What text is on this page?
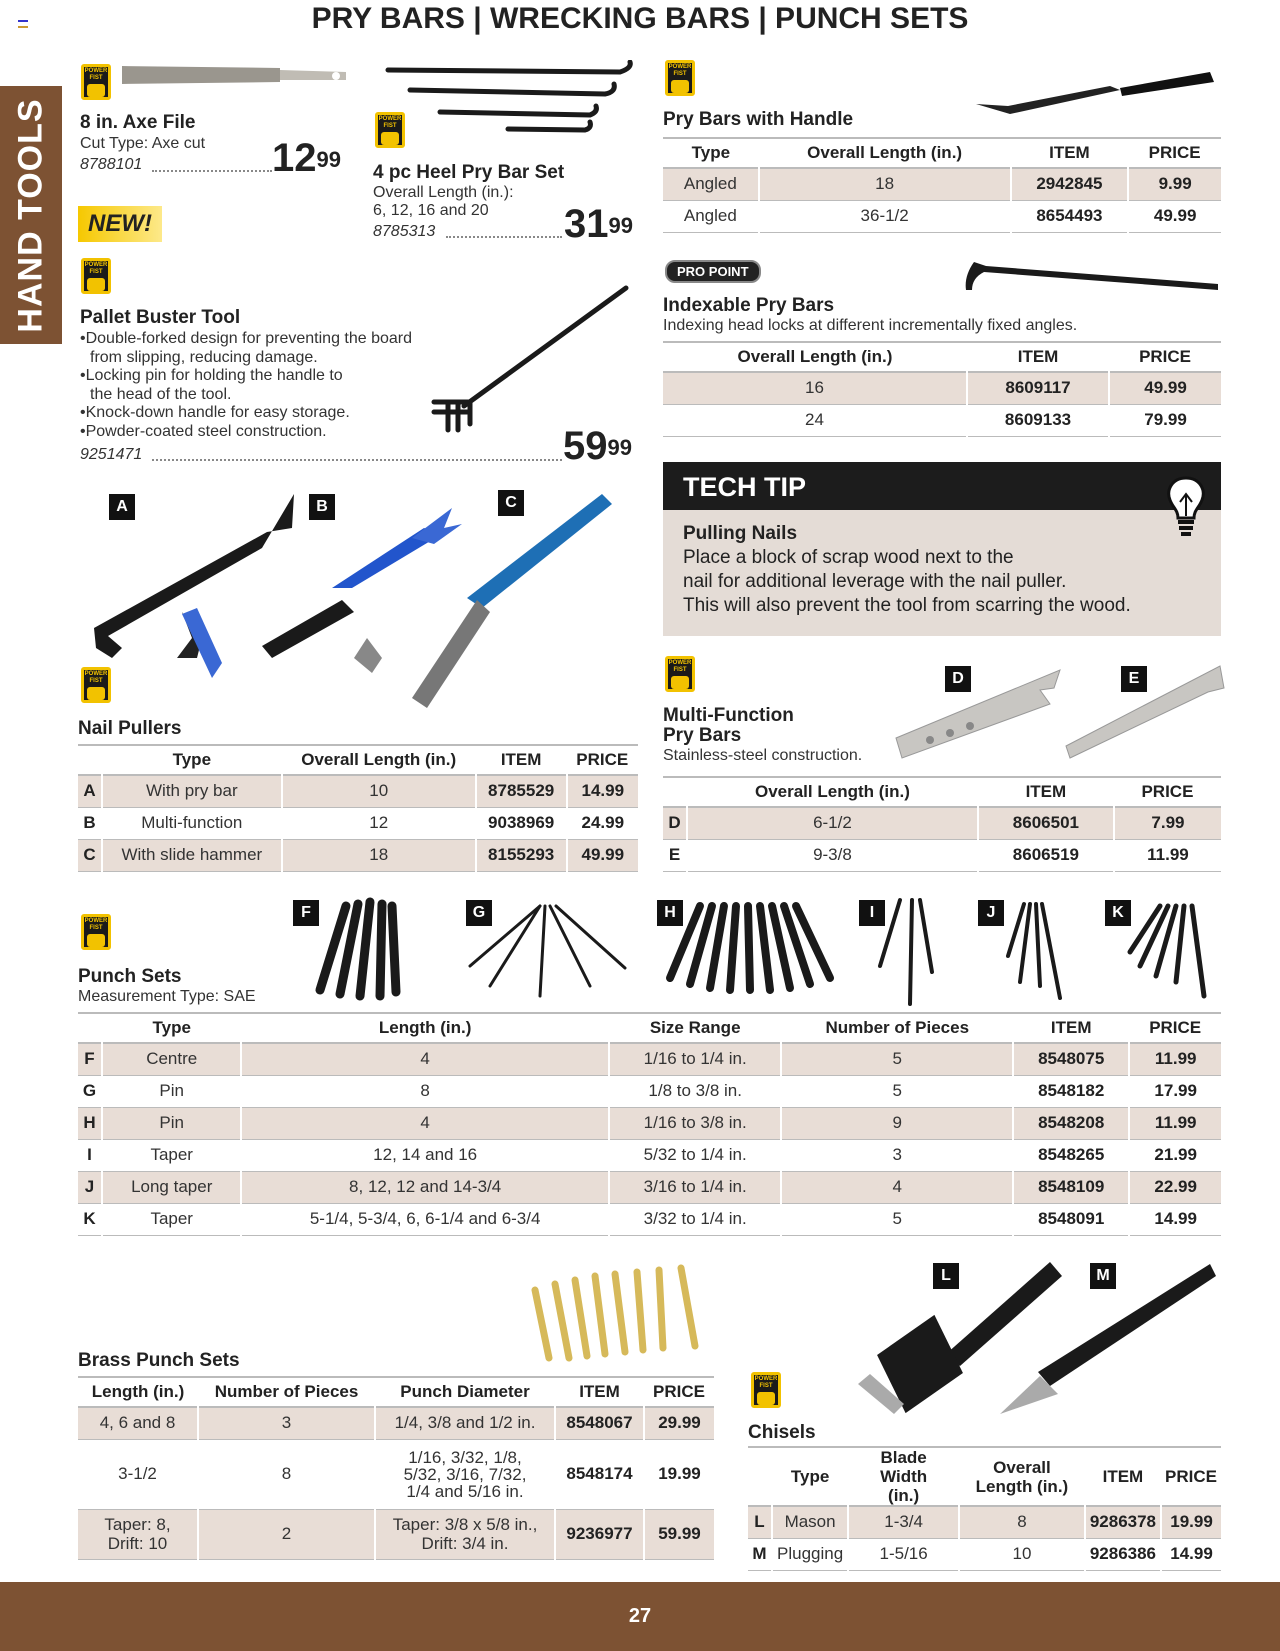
PRY BARS | WRECKING BARS | PUNCH SETS
HAND TOOLS
POWER FIST
8 in. Axe File
Cut Type: Axe cut
8788101	$12^{99}$
NEW!
POWER FIST
4 pc Heel Pry Bar Set
Overall Length (in.):
6, 12, 16 and 20
8785313	$31^{99}$
POWER FIST
Pallet Buster Tool
•Double-forked design for preventing the board
from slipping, reducing damage.
•Locking pin for holding the handle to
the head of the tool.
•Knock-down handle for easy storage.
•Powder-coated steel construction.
9251471	$59^{99}$
A	B	C
POWER FIST
Nail Pullers
	Type	Overall Length (in.)	ITEM	PRICE
A	With pry bar	10	8785529	14.99
B	Multi-function	12	9038969	24.99
C	With slide hammer	18	8155293	49.99
POWER FIST
Pry Bars with Handle
Type	Overall Length (in.)	ITEM	PRICE
Angled	18	2942845	9.99
Angled	36-1/2	8654493	49.99
PRO POINT
Indexable Pry Bars
Indexing head locks at different incrementally fixed angles.
Overall Length (in.)	ITEM	PRICE
16	8609117	49.99
24	8609133	79.99
TECH TIP
Pulling Nails
Place a block of scrap wood next to the
nail for additional leverage with the nail puller.
This will also prevent the tool from scarring the wood.
POWER FIST
Multi-Function
Pry Bars
Stainless-steel construction.
D	E
	Overall Length (in.)	ITEM	PRICE
D	6-1/2	8606501	7.99
E	9-3/8	8606519	11.99
POWER FIST
Punch Sets
Measurement Type: SAE
F	G	H	I	J	K
	Type	Length (in.)	Size Range	Number of Pieces	ITEM	PRICE
F	Centre	4	1/16 to 1/4 in.	5	8548075	11.99
G	Pin	8	1/8 to 3/8 in.	5	8548182	17.99
H	Pin	4	1/16 to 3/8 in.	9	8548208	11.99
I	Taper	12, 14 and 16	5/32 to 1/4 in.	3	8548265	21.99
J	Long taper	8, 12, 12 and 14-3/4	3/16 to 1/4 in.	4	8548109	22.99
K	Taper	5-1/4, 5-3/4, 6, 6-1/4 and 6-3/4	3/32 to 1/4 in.	5	8548091	14.99
Brass Punch Sets
Length (in.)	Number of Pieces	Punch Diameter	ITEM	PRICE
4, 6 and 8	3	1/4, 3/8 and 1/2 in.	8548067	29.99
3-1/2	8	1/16, 3/32, 1/8, 5/32, 3/16, 7/32, 1/4 and 5/16 in.	8548174	19.99
Taper: 8, Drift: 10	2	Taper: 3/8 x 5/8 in., Drift: 3/4 in.	9236977	59.99
L	M
POWER FIST
Chisels
	Type	Blade Width (in.)	Overall Length (in.)	ITEM	PRICE
L	Mason	1-3/4	8	9286378	19.99
M	Plugging	1-5/16	10	9286386	14.99
27
